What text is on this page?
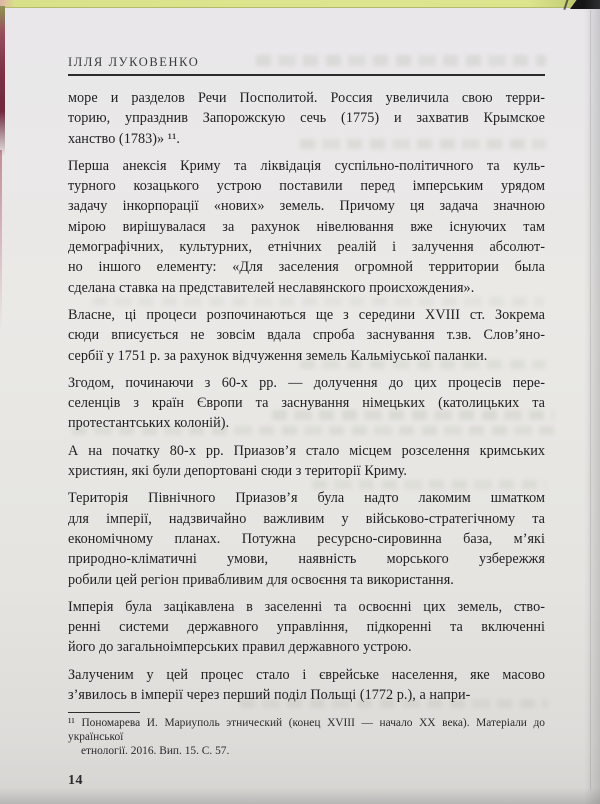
ІЛЛЯ ЛУКОВЕНКО
море и разделов Речи Посполитой. Россия увеличила свою терри-
торию, упразднив Запорожскую сечь (1775) и захватив Крымское
ханство (1783)» ¹¹.
Перша анексія Криму та ліквідація суспільно-політичного та куль-
турного козацького устрою поставили перед імперським урядом
задачу інкорпорації «нових» земель. Причому ця задача значною
мірою вирішувалася за рахунок нівелювання вже існуючих там
демографічних, культурних, етнічних реалій і залучення абсолют-
но іншого елементу: «Для заселения огромной территории была
сделана ставка на представителей неславянского происхождения».
Власне, ці процеси розпочинаються ще з середини XVIII ст. Зокрема
сюди вписується не зовсім вдала спроба заснування т.зв. Слов’яно-
сербії у 1751 р. за рахунок відчуження земель Кальміуської паланки.
Згодом, починаючи з 60-х рр. — долучення до цих процесів пере-
селенців з країн Європи та заснування німецьких (католицьких та
протестантських колоній).
А на початку 80-х рр. Приазов’я стало місцем розселення кримських
християн, які були депортовані сюди з території Криму.
Територія Північного Приазов’я була надто лакомим шматком
для імперії, надзвичайно важливим у військово-стратегічному та
економічному планах. Потужна ресурсно-сировинна база, м’які
природно-кліматичні умови, наявність морського узбережжя
робили цей регіон привабливим для освоєння та використання.
Імперія була зацікавлена в заселенні та освоєнні цих земель, ство-
ренні системи державного управління, підкоренні та включенні
його до загальноімперських правил державного устрою.
Залученим у цей процес стало і єврейське населення, яке масово
з’явилось в імперії через перший поділ Польщі (1772 р.), а напри-
¹¹ Пономарева И. Мариуполь этнический (конец XVIII — начало XX века). Матеріали до української
етнології. 2016. Вип. 15. С. 57.
14
